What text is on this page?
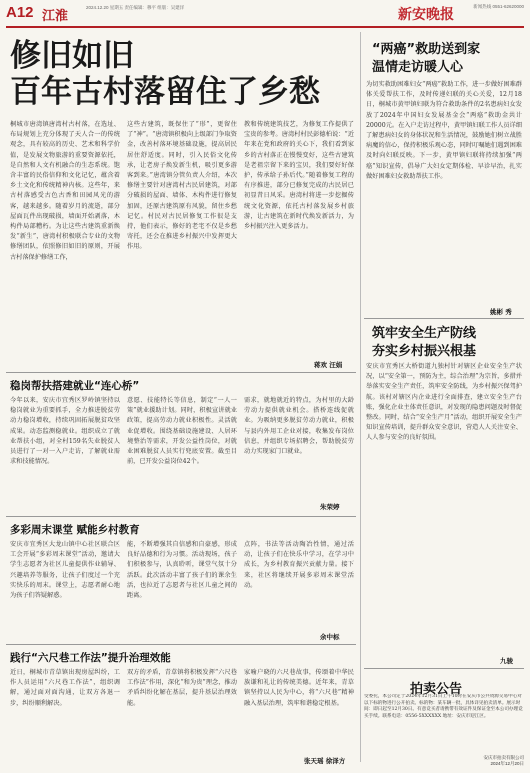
A12 江淮
2024.12.20 星期五 责任编辑：穆平 组版：吴建洋	新安晚报
新闻热线 0551-62620000
修旧如旧
百年古村落留住了乡愁
桐城市唐湾镇唐湾村古村落，在选址、布局规划上充分体现了天人合一的传统观念，具有较高的历史、艺术和科学价值，是发展文物旅游的重要资源依托，是自然和人文有机融合的生态系统。饱含丰富的民俗信仰和文化记忆，蕴含着乡土文化和传统精神内核。这些年，来古村落感受古色古香和田园风光的游客，越来越多。随着岁月的流逝，部分屋面瓦件出现破损，墙面开始剥落，木构件局部糟朽。为让这些古建筑重新焕发“新生”，唐湾村积极联合专业的文物修缮团队，依照修旧如旧的原则，开展古村落保护修缮工作，
这些古建筑，既保住了“形”，更留住了“神”。“唐湾镇积极向上级部门争取资金，改善村落环境基础设施，提高居民居住舒适度。同时，引入民俗文化传承，让老房子焕发新生机，吸引更多游客到来。”唐湾镇分管负责人介绍，本次修缮主要针对唐湾村古民居建筑，对部分破损的屋面、墙体、木构件进行修复加固，还原古建筑原有风貌，留住乡愁记忆。村民对古民居修复工作很是支持，他们表示，修好的老宅不仅是乡愁寄托，还会在推进乡村振兴中发挥更大作用。
教和传统建筑技艺，为修复工作提供了宝贵的参考。唐湾村村民彭德柏说：“近年来在党和政府的关心下，我们看到家乡的古村落正在慢慢变好，这些古建筑是老祖宗留下来的宝贝，我们要好好保护，传承给子孙后代。”随着修复工程的有序推进，部分已修复完成的古民居已初显昔日风采。唐湾村将进一步挖掘传统文化资源，依托古村落发展乡村旅游，让古建筑在新时代焕发新活力，为乡村振兴注入更多活力。
蒋欢 汪娟
“两癌”救助送到家
温情走访暖人心
为切实救助困难妇女“两癌”救助工作，进一步做好困难群体关爱帮扶工作，及时传递妇联的关心关爱，12月18日，桐城市黄甲镇妇联为符合救助条件的2名患病妇女发放了2024年中国妇女发展基金会“两癌”救助金共计20000元。在入户走访过程中，黄甲镇妇联工作人员详细了解患病妇女的身体状况和生活情况，鼓励她们树立战胜病魔的信心，保持积极乐观心态，同时叮嘱她们遇到困难及时向妇联反映。下一步，黄甲镇妇联将持续加强“两癌”知识宣传，倡导广大妇女定期体检、早诊早治，扎实做好困难妇女救助帮扶工作。
姚彬 秀
筑牢安全生产防线
夯实乡村振兴根基
安庆市宜秀区大桥街道九独村针对辖区企业安全生产状况，以“安全第一，预防为主，综合治理”为宗旨，多措并举落实安全生产责任，筑牢安全防线，为乡村振兴保驾护航。该村对辖区内企业进行全面排查，建立安全生产台账，强化企业主体责任意识，对发现的隐患问题及时督促整改。同时，结合“安全生产月”活动，组织开展安全生产知识宣传培训，提升群众安全意识，营造人人关注安全、人人参与安全的良好氛围。
九骏
稳岗帮扶搭建就业“连心桥”
今年以来，安庆市宜秀区罗岭镇坚持以稳岗就业为重要抓手，全力推进脱贫劳动力稳岗增收，持续巩固拓展脱贫攻坚成果。动态监测稳就业。组织成立了就业帮扶小组，对全村159名失业脱贫人员进行了一对一入户走访，了解就业需求和技能情况。
意愿、技能特长等信息，制定“一人一策”就业援助计划。同时，积极宣讲就业政策，提高劳动力就业积极性。灵活就业促增收。围绕基础设施建设、人居环境整治等需求，开发公益性岗位，对就业困难脱贫人员实行兜底安置。截至目前，已开发公益岗位42个。
需求，就地就近的特点，为村里的大龄劳动力提供就业机会。搭桥连线促就业。为吸纳更多脱贫劳动力就业，积极与县内外用工企业对接，收集发布岗位信息，并组织专场招聘会，帮助脱贫劳动力实现家门口就业。
朱荣婷
多彩周末课堂 赋能乡村教育
安庆市宜秀区大龙山镇中心社区联合区工会开展“多彩周末课堂”活动，邀请大学生志愿者为社区儿童提供作业辅导、兴趣培养等服务，让孩子们度过一个充实快乐的周末。课堂上，志愿者耐心地为孩子们答疑解惑。
能，不断增强其自信感和自豪感，形成良好品德和行为习惯。活动现场，孩子们积极参与，认真聆听，课堂气氛十分活跃。此次活动丰富了孩子们的课余生活，也拉近了志愿者与社区儿童之间的距离。
点阵，书法等活动陶冶性情，通过活动，让孩子们在快乐中学习，在学习中成长，为乡村教育振兴贡献力量。接下来，社区将继续开展多彩周末课堂活动。
余中标
践行“六尺巷工作法”提升治理效能
近日，桐城市青草镇出现房屋纠纷，工作人员运用“六尺巷工作法”，组织调解，通过面对面沟通，让双方各退一步，纠纷顺利解决。
双方的矛盾，青草镇将积极发挥“六尺巷工作法”作用，深化“和为贵”理念，推动矛盾纠纷化解在基层，提升基层治理效能。
家喻户晓的六尺巷故事，传颂着中华民族谦和礼让的传统美德。近年来，青草镇坚持以人民为中心，将“六尺巷”精神融入基层治理，筑牢和谐稳定根基。
张天瑶 徐泽方
拍卖公告
受委托，本公司定于2024年12月31日上午10时在安庆市公共资源交易中心对以下标的物进行公开拍卖。标的物：某车辆一批，具体详见拍卖清单。展示时间：即日起至12月30日。有意竞买者请携带有效证件及保证金至本公司办理竞买手续。联系电话：0556-5XXXXXX 地址：安庆市迎江区。
安庆市拍卖有限公司
2024年12月20日
